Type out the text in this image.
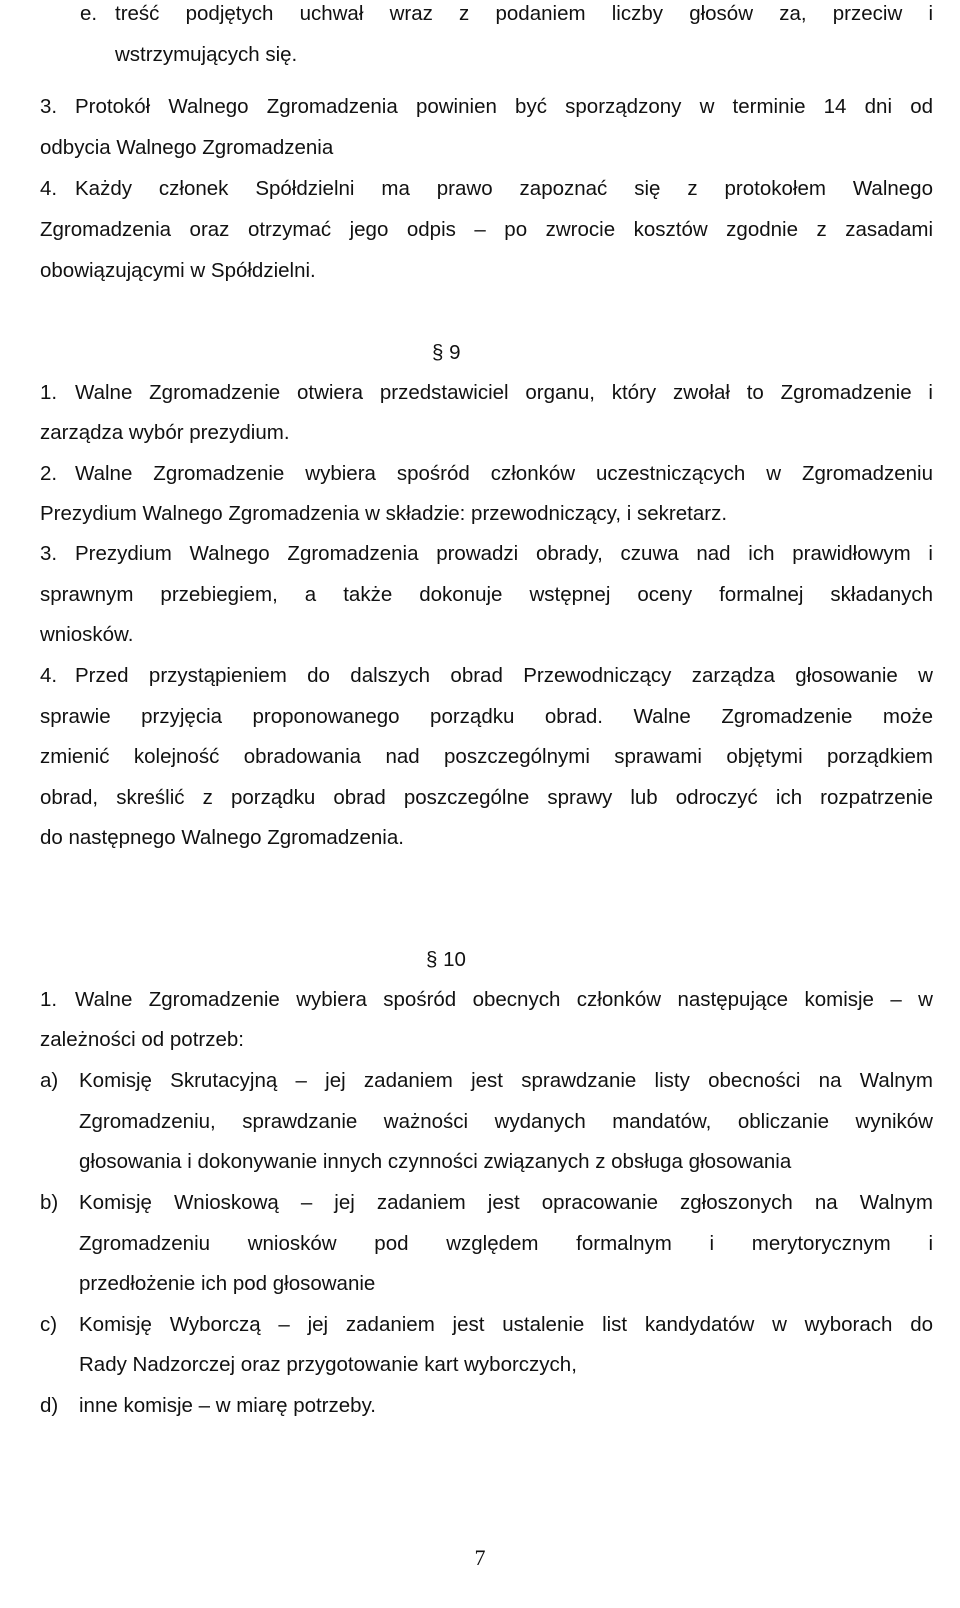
e. treść podjętych uchwał wraz z podaniem liczby głosów za, przeciw i
wstrzymujących się.
3. Protokół Walnego Zgromadzenia powinien być sporządzony w terminie 14 dni od
odbycia Walnego Zgromadzenia
4. Każdy członek Spółdzielni ma prawo zapoznać się z protokołem Walnego
Zgromadzenia oraz otrzymać jego odpis – po zwrocie kosztów zgodnie z zasadami
obowiązującymi w Spółdzielni.
§ 9
1. Walne Zgromadzenie otwiera przedstawiciel organu, który zwołał to Zgromadzenie i
zarządza wybór prezydium.
2. Walne Zgromadzenie wybiera spośród członków uczestniczących w Zgromadzeniu
Prezydium Walnego Zgromadzenia w składzie: przewodniczący, i sekretarz.
3. Prezydium Walnego Zgromadzenia prowadzi obrady, czuwa nad ich prawidłowym i
sprawnym przebiegiem, a także dokonuje wstępnej oceny formalnej składanych
wniosków.
4. Przed przystąpieniem do dalszych obrad Przewodniczący zarządza głosowanie w
sprawie przyjęcia proponowanego porządku obrad. Walne Zgromadzenie może
zmienić kolejność obradowania nad poszczególnymi sprawami objętymi porządkiem
obrad, skreślić z porządku obrad poszczególne sprawy lub odroczyć ich rozpatrzenie
do następnego Walnego Zgromadzenia.
§ 10
1. Walne Zgromadzenie wybiera spośród obecnych członków następujące komisje – w
zależności od potrzeb:
a) Komisję Skrutacyjną – jej zadaniem jest sprawdzanie listy obecności na Walnym
Zgromadzeniu, sprawdzanie ważności wydanych mandatów, obliczanie wyników
głosowania i dokonywanie innych czynności związanych z obsługa głosowania
b) Komisję Wnioskową – jej zadaniem jest opracowanie zgłoszonych na Walnym
Zgromadzeniu wniosków pod względem formalnym i merytorycznym i
przedłożenie ich pod głosowanie
c) Komisję Wyborczą – jej zadaniem jest ustalenie list kandydatów w wyborach do
Rady Nadzorczej oraz przygotowanie kart wyborczych,
d) inne komisje – w miarę potrzeby.
7
